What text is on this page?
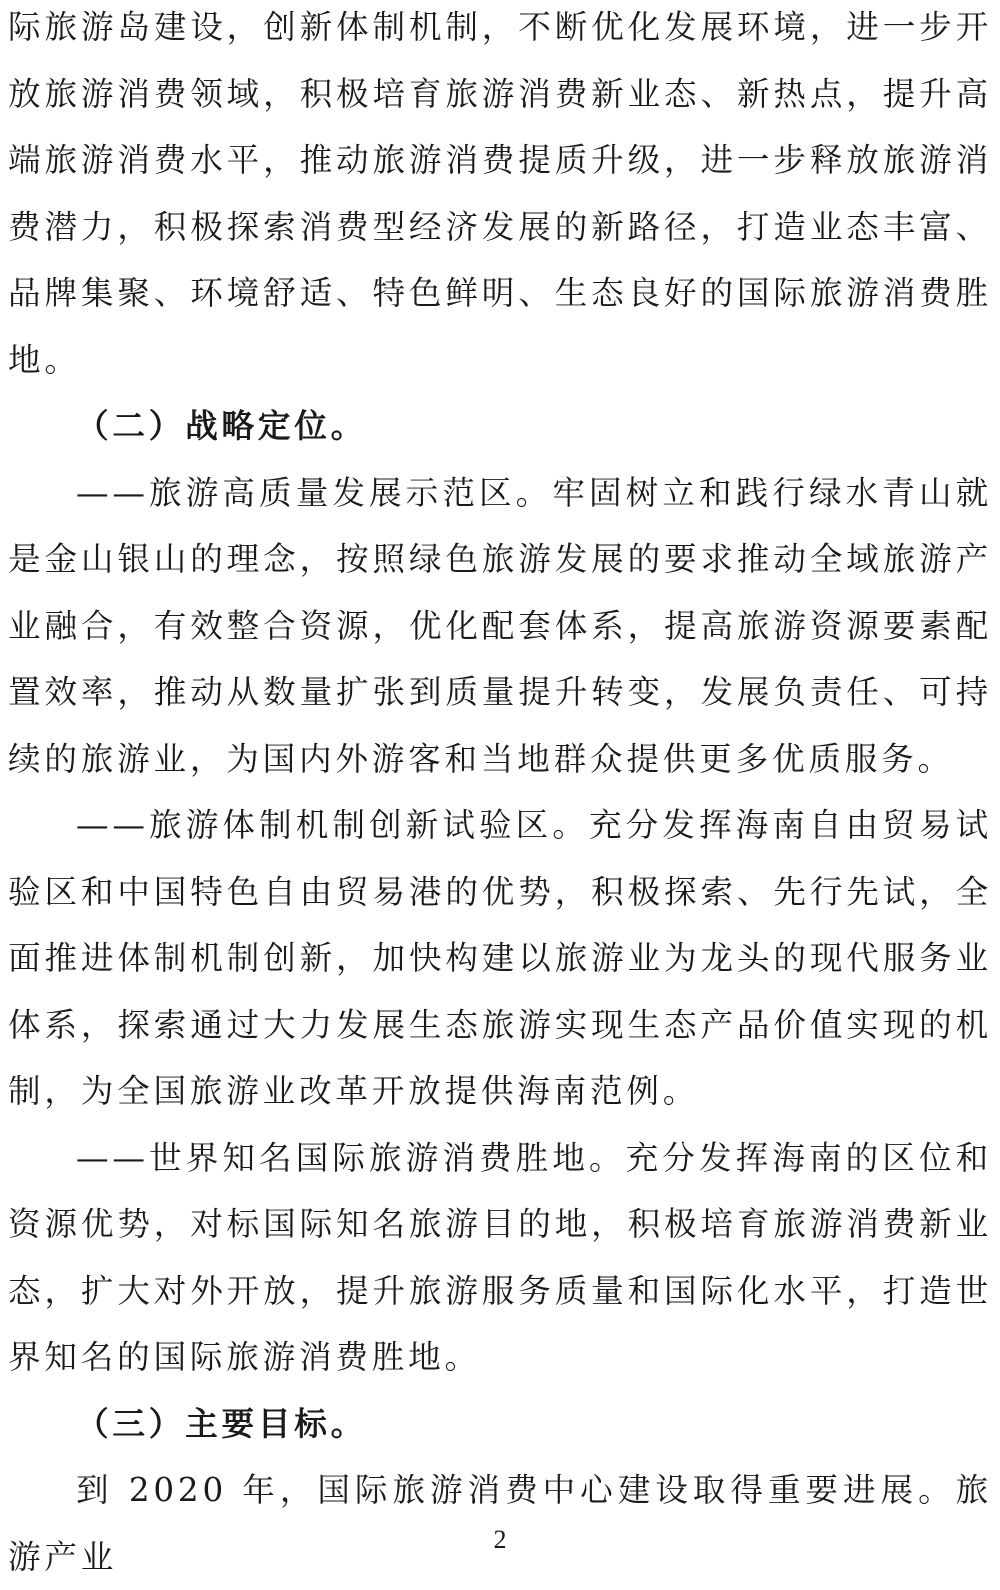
际旅游岛建设，创新体制机制，不断优化发展环境，进一步开放旅游消费领域，积极培育旅游消费新业态、新热点，提升高端旅游消费水平，推动旅游消费提质升级，进一步释放旅游消费潜力，积极探索消费型经济发展的新路径，打造业态丰富、品牌集聚、环境舒适、特色鲜明、生态良好的国际旅游消费胜地。

（二）战略定位。

——旅游高质量发展示范区。牢固树立和践行绿水青山就是金山银山的理念，按照绿色旅游发展的要求推动全域旅游产业融合，有效整合资源，优化配套体系，提高旅游资源要素配置效率，推动从数量扩张到质量提升转变，发展负责任、可持续的旅游业，为国内外游客和当地群众提供更多优质服务。

——旅游体制机制创新试验区。充分发挥海南自由贸易试验区和中国特色自由贸易港的优势，积极探索、先行先试，全面推进体制机制创新，加快构建以旅游业为龙头的现代服务业体系，探索通过大力发展生态旅游实现生态产品价值实现的机制，为全国旅游业改革开放提供海南范例。

——世界知名国际旅游消费胜地。充分发挥海南的区位和资源优势，对标国际知名旅游目的地，积极培育旅游消费新业态，扩大对外开放，提升旅游服务质量和国际化水平，打造世界知名的国际旅游消费胜地。

（三）主要目标。

到 2020 年，国际旅游消费中心建设取得重要进展。旅游产业	2
